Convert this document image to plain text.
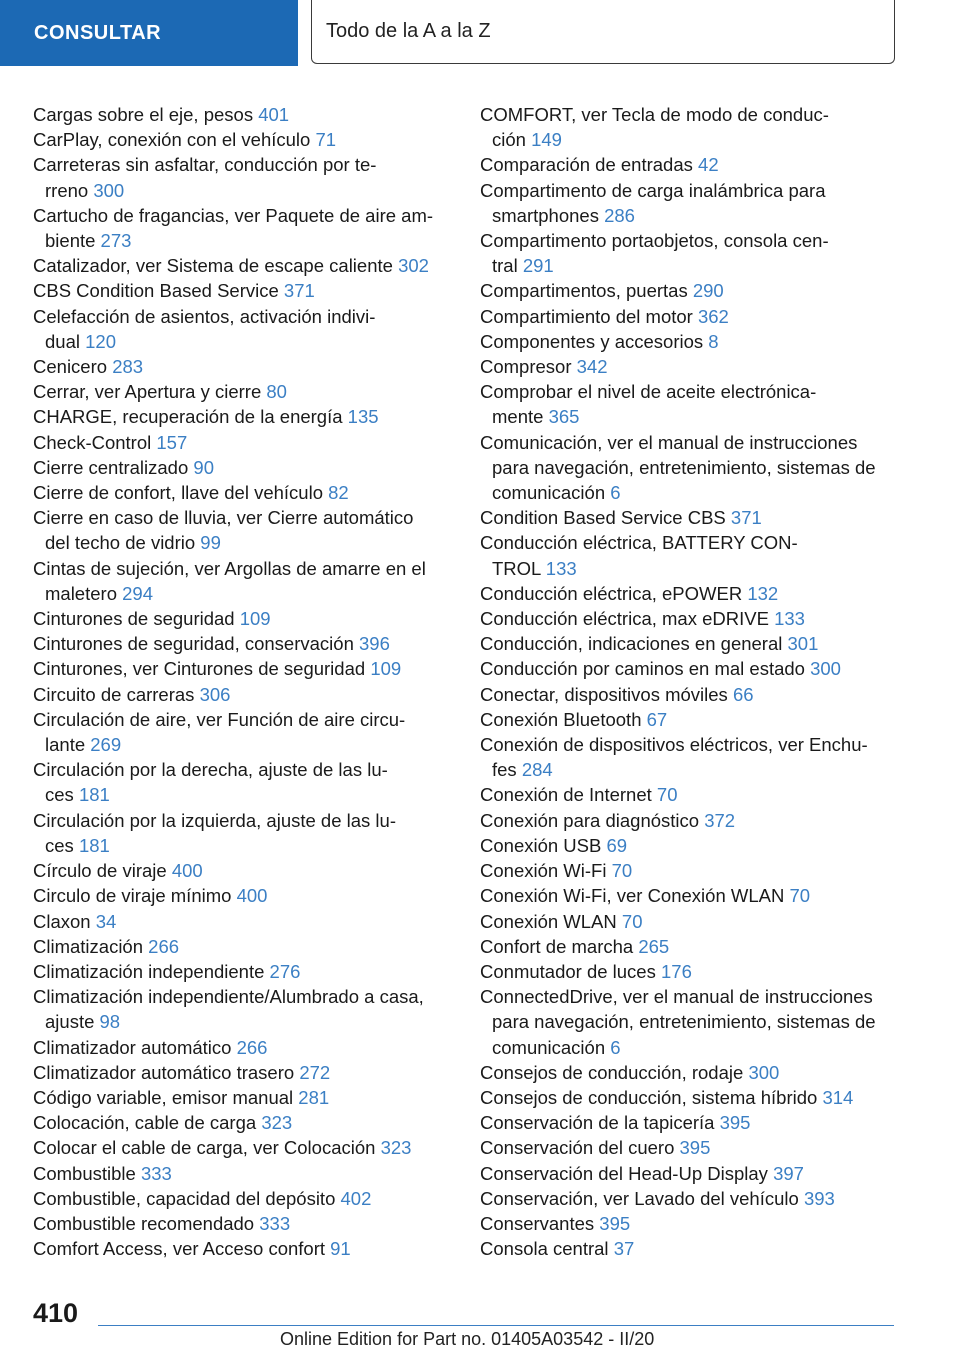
CONSULTAR	Todo de la A a la Z
Cargas sobre el eje, pesos 401
CarPlay, conexión con el vehículo 71
Carreteras sin asfaltar, conducción por te-
rreno 300
Cartucho de fragancias, ver Paquete de aire am-
biente 273
Catalizador, ver Sistema de escape caliente 302
CBS Condition Based Service 371
Celefacción de asientos, activación indivi-
dual 120
Cenicero 283
Cerrar, ver Apertura y cierre 80
CHARGE, recuperación de la energía 135
Check-Control 157
Cierre centralizado 90
Cierre de confort, llave del vehículo 82
Cierre en caso de lluvia, ver Cierre automático
del techo de vidrio 99
Cintas de sujeción, ver Argollas de amarre en el
maletero 294
Cinturones de seguridad 109
Cinturones de seguridad, conservación 396
Cinturones, ver Cinturones de seguridad 109
Circuito de carreras 306
Circulación de aire, ver Función de aire circu-
lante 269
Circulación por la derecha, ajuste de las lu-
ces 181
Circulación por la izquierda, ajuste de las lu-
ces 181
Círculo de viraje 400
Circulo de viraje mínimo 400
Claxon 34
Climatización 266
Climatización independiente 276
Climatización independiente/Alumbrado a casa,
ajuste 98
Climatizador automático 266
Climatizador automático trasero 272
Código variable, emisor manual 281
Colocación, cable de carga 323
Colocar el cable de carga, ver Colocación 323
Combustible 333
Combustible, capacidad del depósito 402
Combustible recomendado 333
Comfort Access, ver Acceso confort 91
COMFORT, ver Tecla de modo de conduc-
ción 149
Comparación de entradas 42
Compartimento de carga inalámbrica para
smartphones 286
Compartimento portaobjetos, consola cen-
tral 291
Compartimentos, puertas 290
Compartimiento del motor 362
Componentes y accesorios 8
Compresor 342
Comprobar el nivel de aceite electrónica-
mente 365
Comunicación, ver el manual de instrucciones
para navegación, entretenimiento, sistemas de
comunicación 6
Condition Based Service CBS 371
Conducción eléctrica, BATTERY CON-
TROL 133
Conducción eléctrica, ePOWER 132
Conducción eléctrica, max eDRIVE 133
Conducción, indicaciones en general 301
Conducción por caminos en mal estado 300
Conectar, dispositivos móviles 66
Conexión Bluetooth 67
Conexión de dispositivos eléctricos, ver Enchu-
fes 284
Conexión de Internet 70
Conexión para diagnóstico 372
Conexión USB 69
Conexión Wi-Fi 70
Conexión Wi-Fi, ver Conexión WLAN 70
Conexión WLAN 70
Confort de marcha 265
Conmutador de luces 176
ConnectedDrive, ver el manual de instrucciones
para navegación, entretenimiento, sistemas de
comunicación 6
Consejos de conducción, rodaje 300
Consejos de conducción, sistema híbrido 314
Conservación de la tapicería 395
Conservación del cuero 395
Conservación del Head-Up Display 397
Conservación, ver Lavado del vehículo 393
Conservantes 395
Consola central 37
410
Online Edition for Part no. 01405A03542 - II/20
